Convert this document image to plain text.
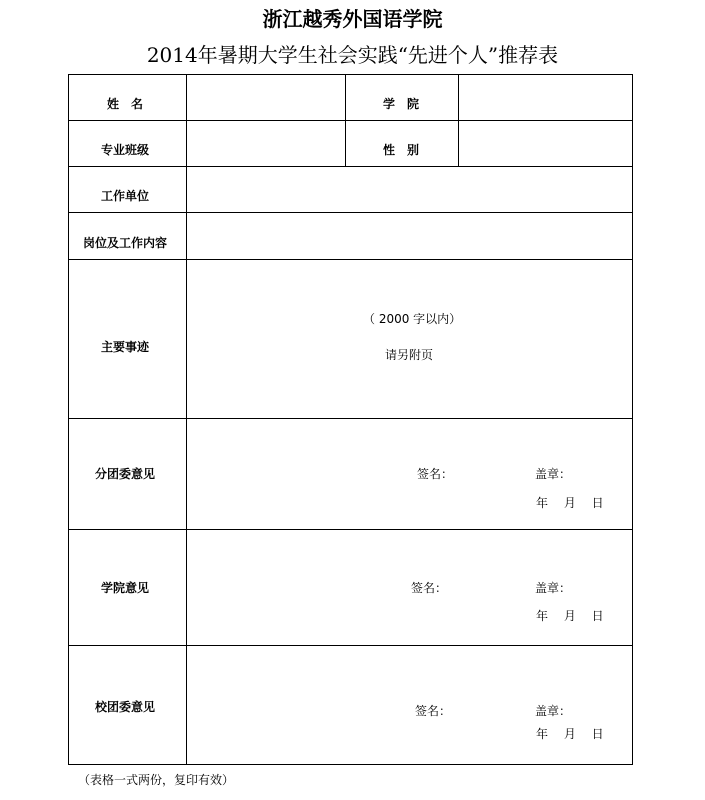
浙江越秀外国语学院
2014年暑期大学生社会实践“先进个人”推荐表
姓　名	学　院
专业班级	性　别
工作单位
岗位及工作内容
主要事迹
（ 2000 字以内）
请另附页
分团委意见	签名：	盖章：
年　 月　 日
学院意见	签名：	盖章：
年　 月　 日
校团委意见	签名：	盖章：
年　 月　 日
（表格一式两份，复印有效）
